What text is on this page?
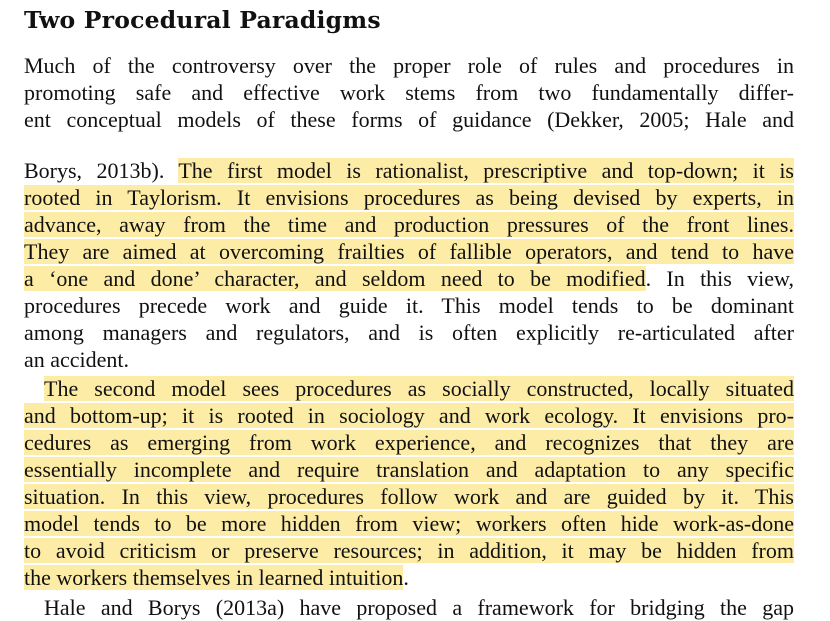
Two Procedural Paradigms
Much of the controversy over the proper role of rules and procedures in
promoting safe and effective work stems from two fundamentally differ-
ent conceptual models of these forms of guidance (Dekker, 2005; Hale and
Borys, 2013b). The first model is rationalist, prescriptive and top-down; it is
rooted in Taylorism. It envisions procedures as being devised by experts, in
advance, away from the time and production pressures of the front lines.
They are aimed at overcoming frailties of fallible operators, and tend to have
a ‘one and done’ character, and seldom need to be modified. In this view,
procedures precede work and guide it. This model tends to be dominant
among managers and regulators, and is often explicitly re-articulated after
an accident.
The second model sees procedures as socially constructed, locally situated
and bottom-up; it is rooted in sociology and work ecology. It envisions pro-
cedures as emerging from work experience, and recognizes that they are
essentially incomplete and require translation and adaptation to any specific
situation. In this view, procedures follow work and are guided by it. This
model tends to be more hidden from view; workers often hide work-as-done
to avoid criticism or preserve resources; in addition, it may be hidden from
the workers themselves in learned intuition.
Hale and Borys (2013a) have proposed a framework for bridging the gap
